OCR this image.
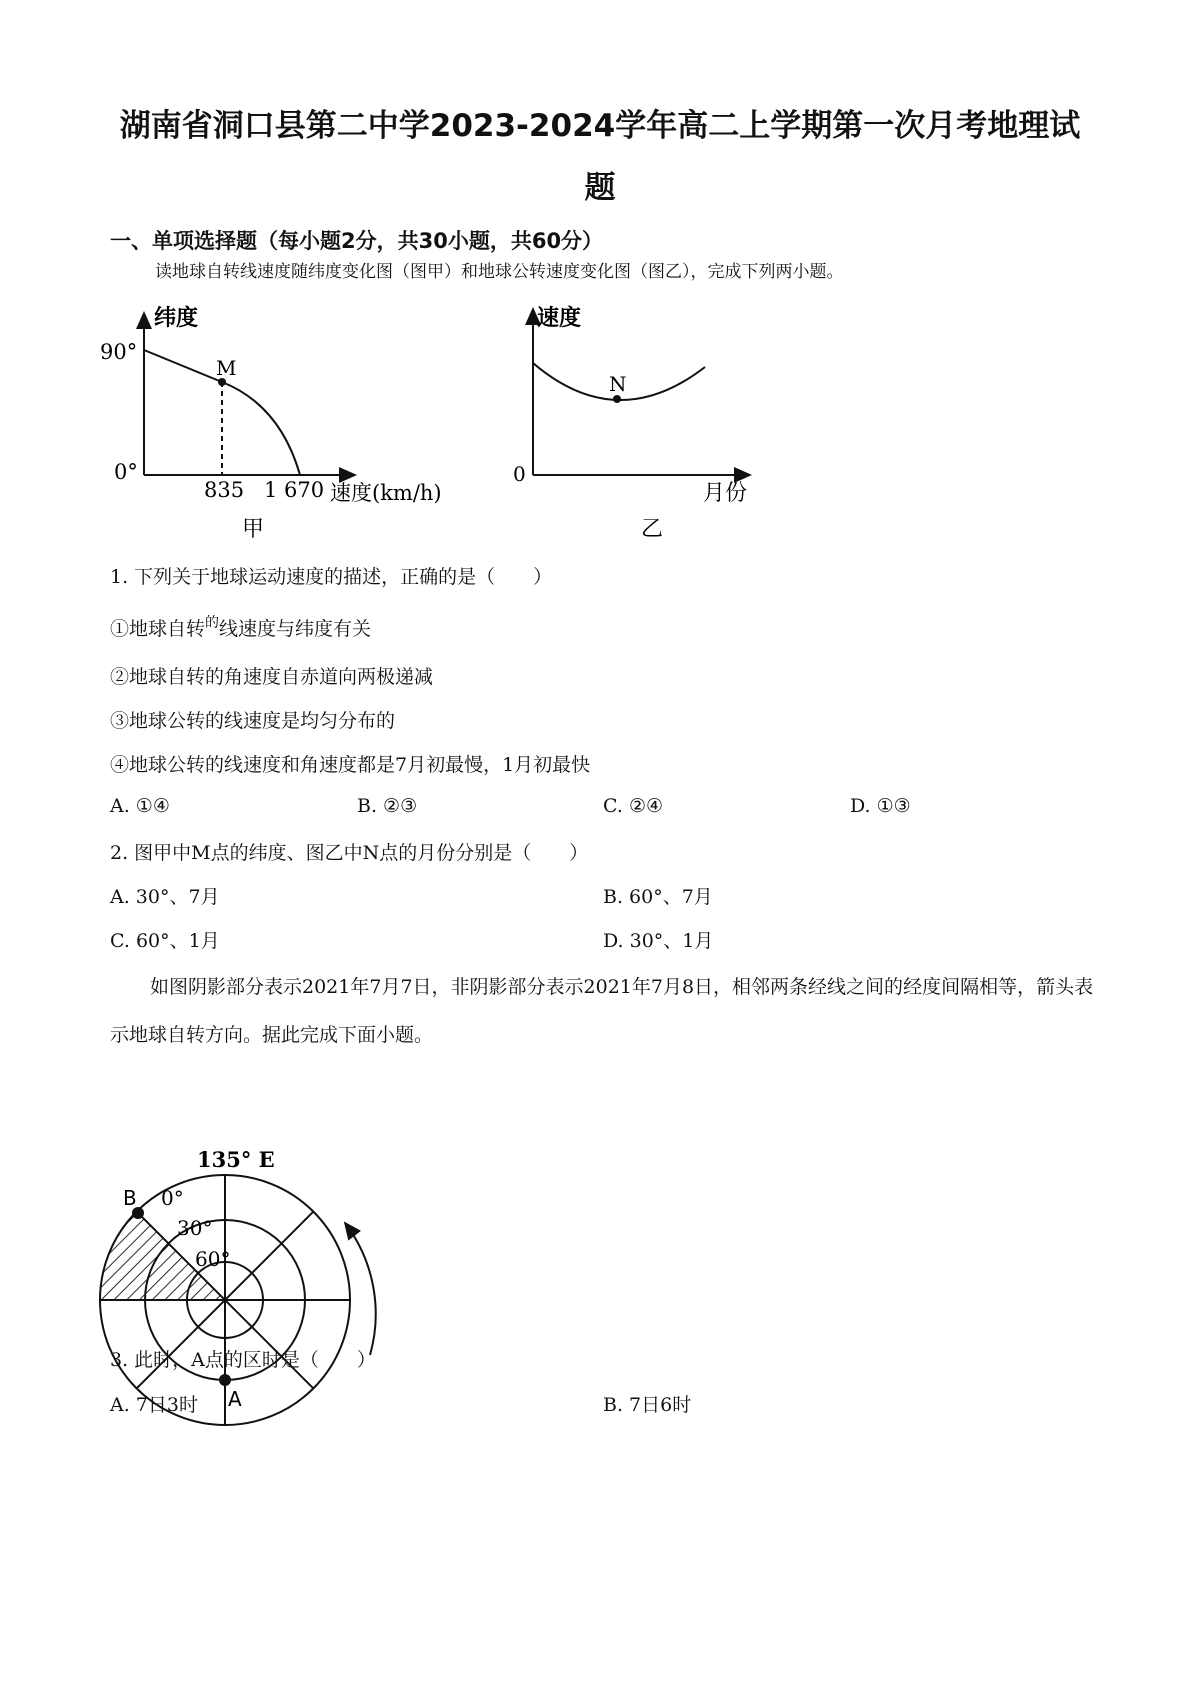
湖南省洞口县第二中学2023-2024学年高二上学期第一次月考地理试
题
一、单项选择题（每小题2分，共30小题，共60分）
读地球自转线速度随纬度变化图（图甲）和地球公转速度变化图（图乙），完成下列两小题。
纬度
90°
0°
M
835 1 670 速度(km/h)
甲
速度
N
0
月份
乙
1. 下列关于地球运动速度的描述，正确的是（　　）
①地球自转$^的$线速度与纬度有关
②地球自转的角速度自赤道向两极递减
③地球公转的线速度是均匀分布的
④地球公转的线速度和角速度都是7月初最慢，1月初最快
A. ①④	B. ②③	C. ②④	D. ①③
2. 图甲中M点的纬度、图乙中N点的月份分别是（　　）
A. 30°、7月	B. 60°、7月
C. 60°、1月	D. 30°、1月
如图阴影部分表示2021年7月7日，非阴影部分表示2021年7月8日，相邻两条经线之间的经度间隔相等，箭头表示地球自转方向。据此完成下面小题。
135° E
0°
30°
60°
B
A
3. 此时，A点的区时是（　　）
A. 7日3时	B. 7日6时
